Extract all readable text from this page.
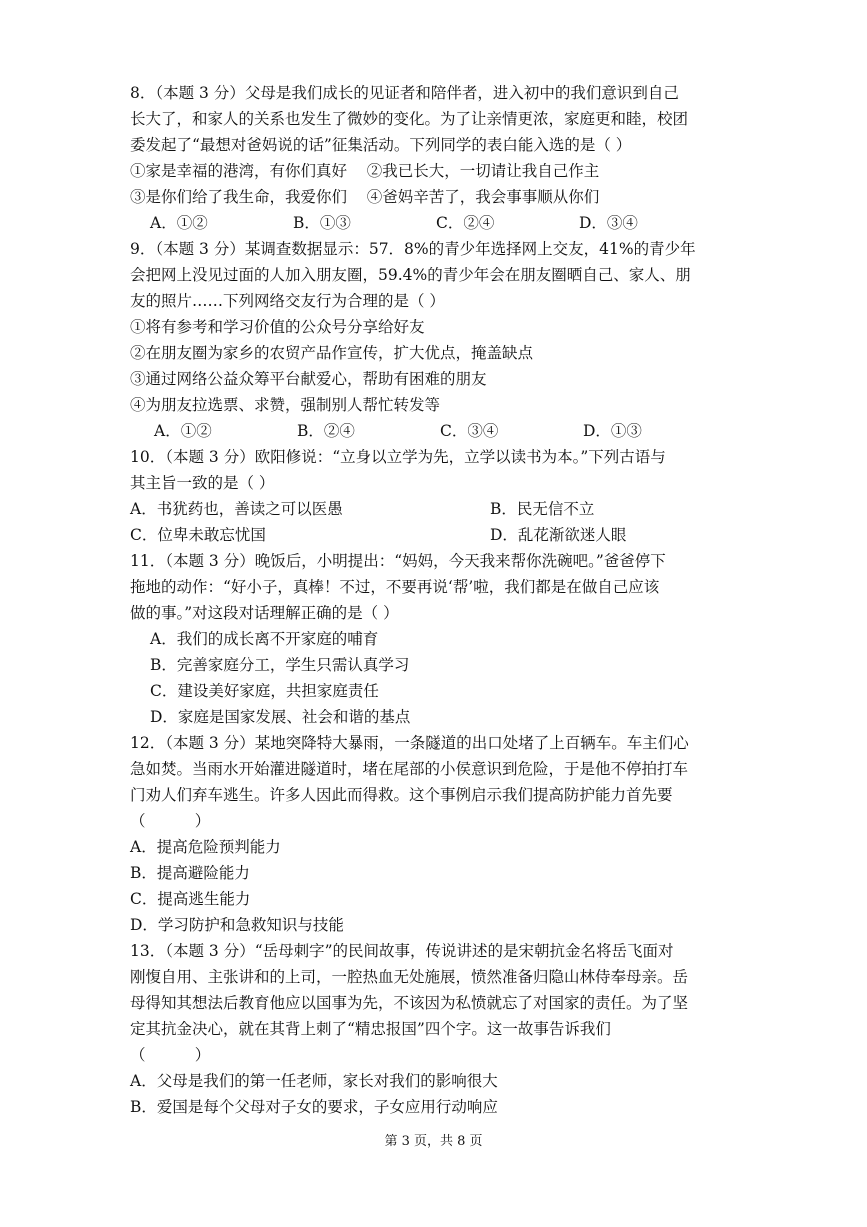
8．（本题 3 分）父母是我们成长的见证者和陪伴者，进入初中的我们意识到自己
长大了，和家人的关系也发生了微妙的变化。为了让亲情更浓，家庭更和睦，校团
委发起了“最想对爸妈说的话”征集活动。下列同学的表白能入选的是（ ）
①家是幸福的港湾，有你们真好    ②我已长大，一切请让我自己作主
③是你们给了我生命，我爱你们    ④爸妈辛苦了，我会事事顺从你们
A．①②	B．①③	C．②④	D．③④
9．（本题 3 分）某调查数据显示：57．8%的青少年选择网上交友，41%的青少年
会把网上没见过面的人加入朋友圈，59.4%的青少年会在朋友圈晒自己、家人、朋
友的照片……下列网络交友行为合理的是（ ）
①将有参考和学习价值的公众号分享给好友
②在朋友圈为家乡的农贸产品作宣传，扩大优点，掩盖缺点
③通过网络公益众筹平台献爱心，帮助有困难的朋友
④为朋友拉选票、求赞，强制别人帮忙转发等
A．①②	B．②④	C．③④	D．①③
10．（本题 3 分）欧阳修说：“立身以立学为先，立学以读书为本。”下列古语与
其主旨一致的是（ ）
A．书犹药也，善读之可以医愚	B．民无信不立
C．位卑未敢忘忧国	D．乱花渐欲迷人眼
11．（本题 3 分）晚饭后，小明提出：“妈妈，今天我来帮你洗碗吧。”爸爸停下
拖地的动作：“好小子，真棒！不过，不要再说‘帮’啦，我们都是在做自己应该
做的事。”对这段对话理解正确的是（ ）
A．我们的成长离不开家庭的哺育
B．完善家庭分工，学生只需认真学习
C．建设美好家庭，共担家庭责任
D．家庭是国家发展、社会和谐的基点
12．（本题 3 分）某地突降特大暴雨，一条隧道的出口处堵了上百辆车。车主们心
急如焚。当雨水开始灌进隧道时，堵在尾部的小侯意识到危险，于是他不停拍打车
门劝人们弃车逃生。许多人因此而得救。这个事例启示我们提高防护能力首先要
（          ）
A．提高危险预判能力
B．提高避险能力
C．提高逃生能力
D．学习防护和急救知识与技能
13．（本题 3 分）“岳母刺字”的民间故事，传说讲述的是宋朝抗金名将岳飞面对
刚愎自用、主张讲和的上司，一腔热血无处施展，愤然准备归隐山林侍奉母亲。岳
母得知其想法后教育他应以国事为先，不该因为私愤就忘了对国家的责任。为了坚
定其抗金决心，就在其背上刺了“精忠报国”四个字。这一故事告诉我们
（          ）
A．父母是我们的第一任老师，家长对我们的影响很大
B．爱国是每个父母对子女的要求，子女应用行动响应
第 3 页，共 8 页
